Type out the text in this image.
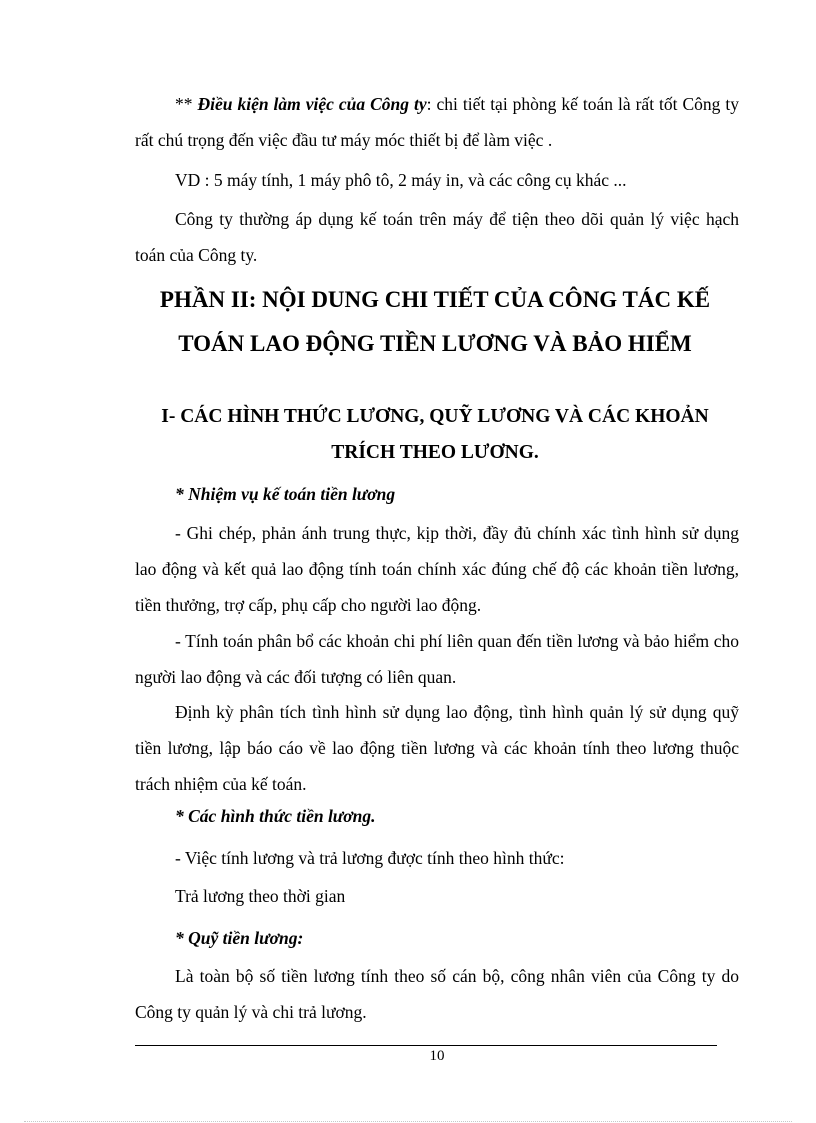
** Điều kiện làm việc của Công ty: chi tiết tại phòng kế toán là rất tốt Công ty rất chú trọng đến việc đầu tư máy móc thiết bị để làm việc .

VD : 5 máy tính, 1 máy phô tô, 2 máy in, và các công cụ khác ...

Công ty thường áp dụng kế toán trên máy để tiện theo dõi quản lý việc hạch toán của Công ty.

PHẦN II: NỘI DUNG CHI TIẾT CỦA CÔNG TÁC KẾ
TOÁN LAO ĐỘNG TIỀN LƯƠNG VÀ BẢO HIỂM
I- CÁC HÌNH THỨC LƯƠNG, QUỸ LƯƠNG VÀ CÁC KHOẢN
TRÍCH THEO LƯƠNG.

* Nhiệm vụ kế toán tiền lương

- Ghi chép, phản ánh trung thực, kịp thời, đầy đủ chính xác tình hình sử dụng lao động và kết quả lao động tính toán chính xác đúng chế độ các khoản tiền lương, tiền thưởng, trợ cấp, phụ cấp cho người lao động.

- Tính toán phân bổ các khoản chi phí liên quan đến tiền lương và bảo hiểm cho người lao động và các đối tượng có liên quan.

Định kỳ phân tích tình hình sử dụng lao động, tình hình quản lý sử dụng quỹ tiền lương, lập báo cáo về lao động tiền lương và các khoản tính theo lương thuộc trách nhiệm của kế toán.

* Các hình thức tiền lương.

- Việc tính lương và trả lương được tính theo hình thức:

Trả lương theo thời gian

* Quỹ tiền lương:

Là toàn bộ số tiền lương tính theo số cán bộ, công nhân viên của Công ty do Công ty quản lý và chi trả lương.

10
